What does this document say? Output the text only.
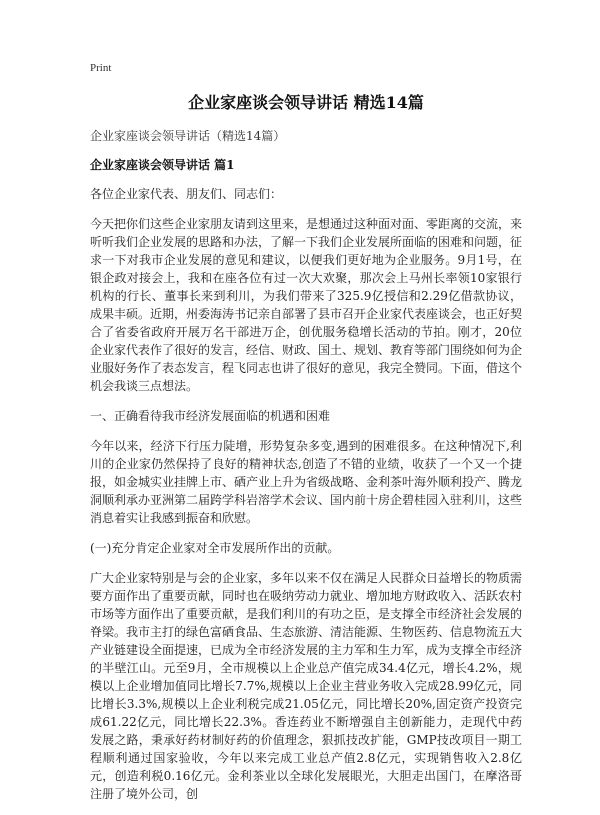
Print
企业家座谈会领导讲话 精选14篇
企业家座谈会领导讲话（精选14篇）
企业家座谈会领导讲话 篇1

各位企业家代表、朋友们、同志们：

今天把你们这些企业家朋友请到这里来，是想通过这种面对面、零距离的交流，来听听我们企业发展的思路和办法，了解一下我们企业发展所面临的困难和问题，征求一下对我市企业发展的意见和建议，以便我们更好地为企业服务。9月1号，在银企政对接会上，我和在座各位有过一次大欢聚，那次会上马州长率领10家银行机构的行长、董事长来到利川，为我们带来了325.9亿授信和2.29亿借款协议，成果丰硕。近期，州委海涛书记亲自部署了县市召开企业家代表座谈会，也正好契合了省委省政府开展万名干部进万企，创优服务稳增长活动的节拍。刚才，20位企业家代表作了很好的发言，经信、财政、国土、规划、教育等部门围绕如何为企业服好务作了表态发言，程飞同志也讲了很好的意见，我完全赞同。下面，借这个机会我谈三点想法。

一、正确看待我市经济发展面临的机遇和困难

今年以来，经济下行压力陡增，形势复杂多变,遇到的困难很多。在这种情况下,利川的企业家仍然保持了良好的精神状态,创造了不错的业绩，收获了一个又一个捷报，如金城实业挂牌上市、硒产业上升为省级战略、金利茶叶海外顺利投产、腾龙洞顺利承办亚洲第二届跨学科岩溶学术会议、国内前十房企碧桂园入驻利川，这些消息着实让我感到振奋和欣慰。

(一)充分肯定企业家对全市发展所作出的贡献。

广大企业家特别是与会的企业家，多年以来不仅在满足人民群众日益增长的物质需要方面作出了重要贡献，同时也在吸纳劳动力就业、增加地方财政收入、活跃农村市场等方面作出了重要贡献，是我们利川的有功之臣，是支撑全市经济社会发展的脊梁。我市主打的绿色富硒食品、生态旅游、清洁能源、生物医药、信息物流五大产业链建设全面提速，已成为全市经济发展的主力军和生力军，成为支撑全市经济的半壁江山。元至9月，全市规模以上企业总产值完成34.4亿元，增长4.2%，规模以上企业增加值同比增长7.7%,规模以上企业主营业务收入完成28.99亿元，同比增长3.3%,规模以上企业利税完成21.05亿元，同比增长20%,固定资产投资完成61.22亿元，同比增长22.3%。香连药业不断增强自主创新能力，走现代中药发展之路，秉承好药材制好药的价值理念，狠抓技改扩能，GMP技改项目一期工程顺利通过国家验收，今年以来完成工业总产值2.8亿元，实现销售收入2.8亿元，创造利税0.16亿元。金利茶业以全球化发展眼光，大胆走出国门，在摩洛哥注册了境外公司，创
